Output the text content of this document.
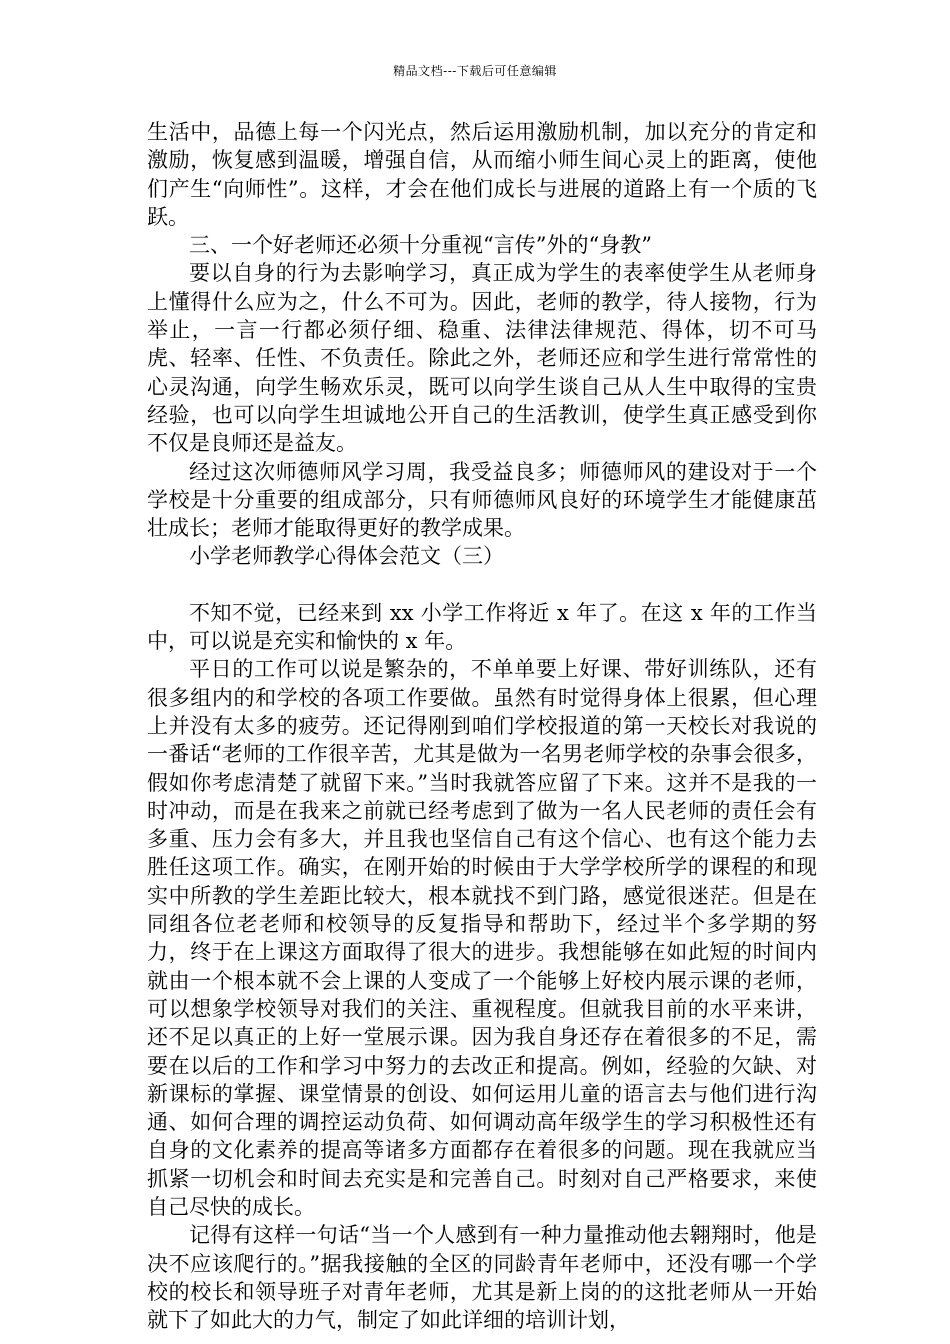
精品文档---下载后可任意编辑

生活中，品德上每一个闪光点，然后运用激励机制，加以充分的肯定和激励，恢复感到温暖，增强自信，从而缩小师生间心灵上的距离，使他们产生“向师性”。这样，才会在他们成长与进展的道路上有一个质的飞跃。

三、一个好老师还必须十分重视“言传”外的“身教”

要以自身的行为去影响学习，真正成为学生的表率使学生从老师身上懂得什么应为之，什么不可为。因此，老师的教学，待人接物，行为举止，一言一行都必须仔细、稳重、法律法律规范、得体，切不可马虎、轻率、任性、不负责任。除此之外，老师还应和学生进行常常性的心灵沟通，向学生畅欢乐灵，既可以向学生谈自己从人生中取得的宝贵经验，也可以向学生坦诚地公开自己的生活教训，使学生真正感受到你不仅是良师还是益友。

经过这次师德师风学习周，我受益良多；师德师风的建设对于一个学校是十分重要的组成部分，只有师德师风良好的环境学生才能健康茁壮成长；老师才能取得更好的教学成果。

小学老师教学心得体会范文（三）

不知不觉，已经来到 xx 小学工作将近 x 年了。在这 x 年的工作当中，可以说是充实和愉快的 x 年。

平日的工作可以说是繁杂的，不单单要上好课、带好训练队，还有很多组内的和学校的各项工作要做。虽然有时觉得身体上很累，但心理上并没有太多的疲劳。还记得刚到咱们学校报道的第一天校长对我说的一番话“老师的工作很辛苦，尤其是做为一名男老师学校的杂事会很多，假如你考虑清楚了就留下来。”当时我就答应留了下来。这并不是我的一时冲动，而是在我来之前就已经考虑到了做为一名人民老师的责任会有多重、压力会有多大，并且我也坚信自己有这个信心、也有这个能力去胜任这项工作。确实，在刚开始的时候由于大学学校所学的课程的和现实中所教的学生差距比较大，根本就找不到门路，感觉很迷茫。但是在同组各位老老师和校领导的反复指导和帮助下，经过半个多学期的努力，终于在上课这方面取得了很大的进步。我想能够在如此短的时间内就由一个根本就不会上课的人变成了一个能够上好校内展示课的老师，可以想象学校领导对我们的关注、重视程度。但就我目前的水平来讲，还不足以真正的上好一堂展示课。因为我自身还存在着很多的不足，需要在以后的工作和学习中努力的去改正和提高。例如，经验的欠缺、对新课标的掌握、课堂情景的创设、如何运用儿童的语言去与他们进行沟通、如何合理的调控运动负荷、如何调动高年级学生的学习积极性还有自身的文化素养的提高等诸多方面都存在着很多的问题。现在我就应当抓紧一切机会和时间去充实是和完善自己。时刻对自己严格要求，来使自己尽快的成长。

记得有这样一句话“当一个人感到有一种力量推动他去翱翔时，他是决不应该爬行的。”据我接触的全区的同龄青年老师中，还没有哪一个学校的校长和领导班子对青年老师，尤其是新上岗的的这批老师从一开始就下了如此大的力气，制定了如此详细的培训计划，
